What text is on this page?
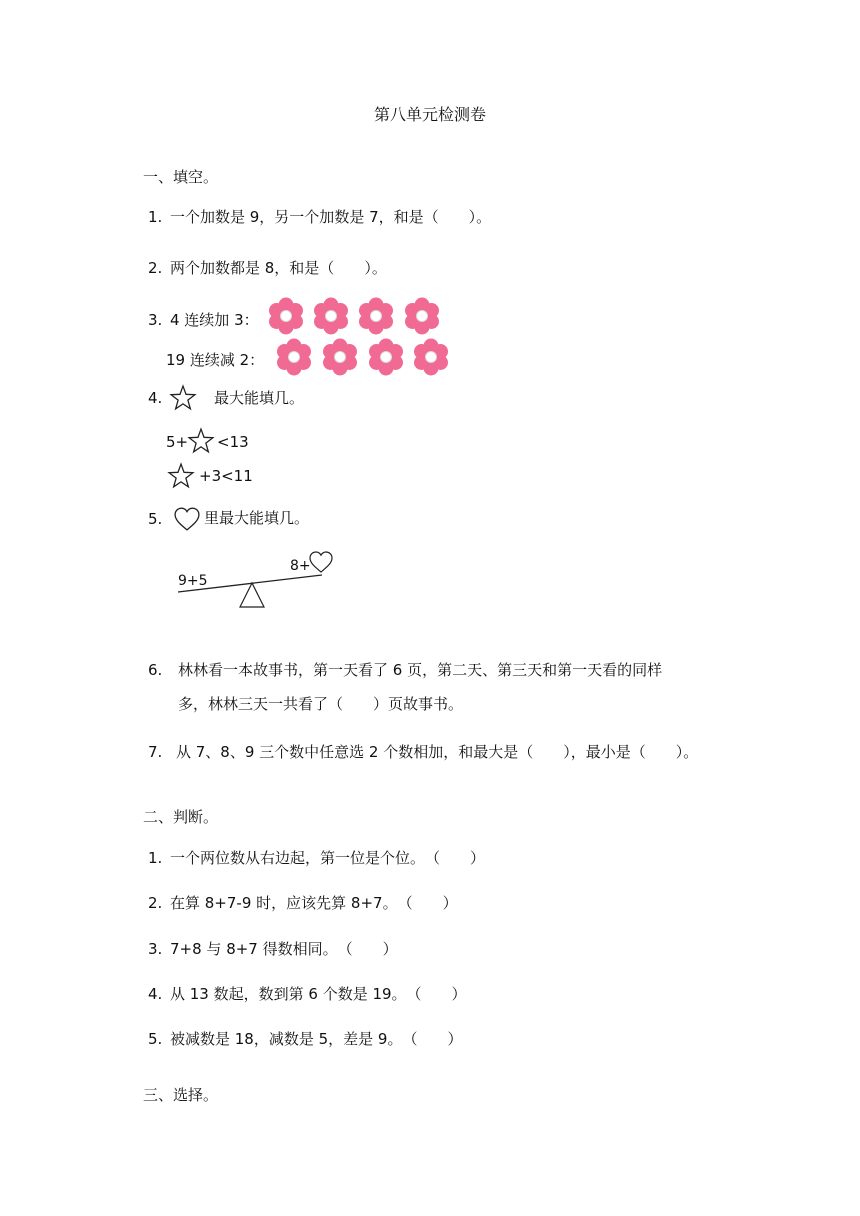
第八单元检测卷
一、填空。
1. 一个加数是 9，另一个加数是 7，和是（　　）。
2. 两个加数都是 8，和是（　　）。
3. 4 连续加 3：
19 连续减 2：
4.	最大能填几。
5+ <13
+3<11
5.	里最大能填几。
9+5
8+
6. 林林看一本故事书，第一天看了 6 页，第二天、第三天和第一天看的同样
多，林林三天一共看了（　　）页故事书。
7. 从 7、8、9 三个数中任意选 2 个数相加，和最大是（　　），最小是（　　）。
二、判断。
1. 一个两位数从右边起，第一位是个位。　（　　）
2. 在算 8+7-9 时，应该先算 8+7。　（　　）
3. 7+8 与 8+7 得数相同。　（　　）
4. 从 13 数起，数到第 6 个数是 19。　（　　）
5. 被减数是 18，减数是 5，差是 9。　（　　）
三、选择。
